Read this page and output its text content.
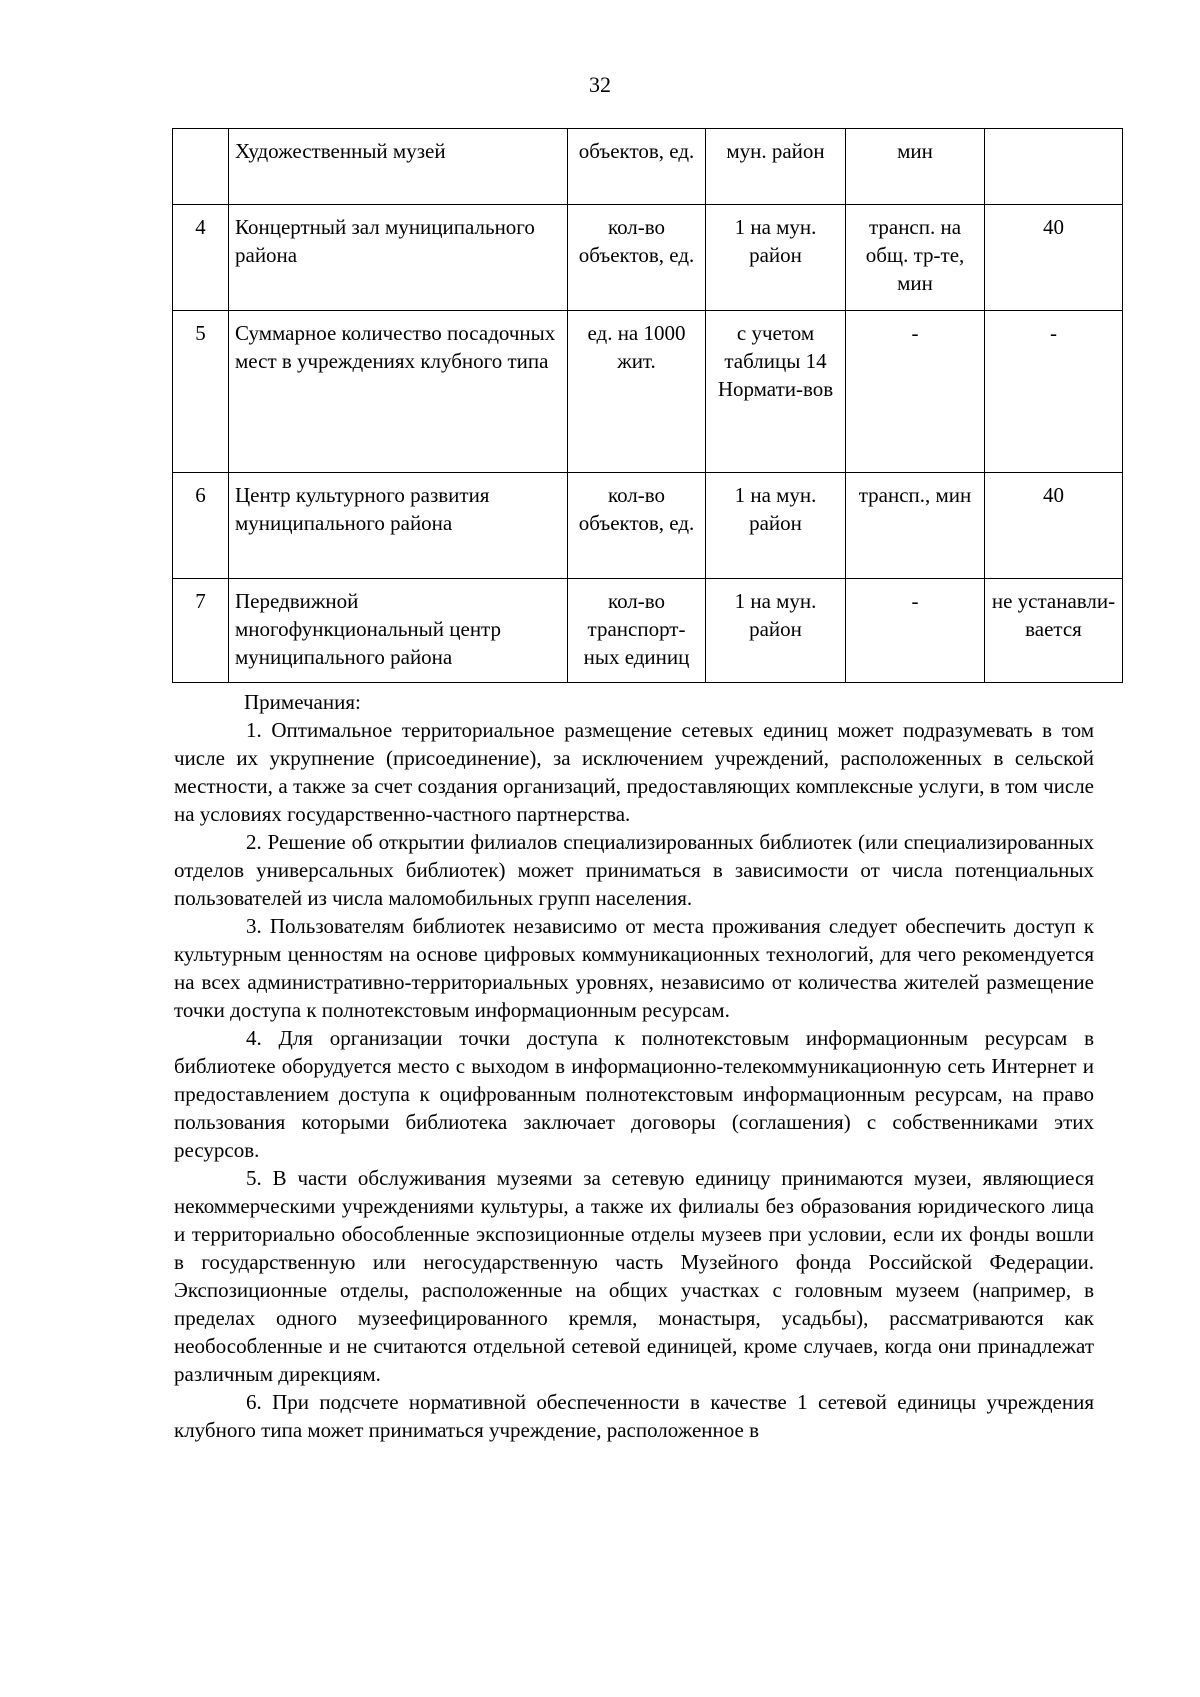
32
	Художественный музей	объектов, ед.	мун. район	мин	
4	Концертный зал муниципального района	кол-во объектов, ед.	1 на мун. район	трансп. на общ. тр-те, мин	40
5	Суммарное количество посадочных мест в учреждениях клубного типа	ед. на 1000 жит.	с учетом таблицы 14 Нормати-вов	-	-
6	Центр культурного развития муниципального района	кол-во объектов, ед.	1 на мун. район	трансп., мин	40
7	Передвижной многофункциональный центр муниципального района	кол-во транспорт-ных единиц	1 на мун. район	-	не устанавли-вается

Примечания:

1. Оптимальное территориальное размещение сетевых единиц может подразумевать в том числе их укрупнение (присоединение), за исключением учреждений, расположенных в сельской местности, а также за счет создания организаций, предоставляющих комплексные услуги, в том числе на условиях государственно-частного партнерства.

2. Решение об открытии филиалов специализированных библиотек (или специализированных отделов универсальных библиотек) может приниматься в зависимости от числа потенциальных пользователей из числа маломобильных групп населения.

3. Пользователям библиотек независимо от места проживания следует обеспечить доступ к культурным ценностям на основе цифровых коммуникационных технологий, для чего рекомендуется на всех административно-территориальных уровнях, независимо от количества жителей размещение точки доступа к полнотекстовым информационным ресурсам.

4. Для организации точки доступа к полнотекстовым информационным ресурсам в библиотеке оборудуется место с выходом в информационно-телекоммуникационную сеть Интернет и предоставлением доступа к оцифрованным полнотекстовым информационным ресурсам, на право пользования которыми библиотека заключает договоры (соглашения) с собственниками этих ресурсов.

5. В части обслуживания музеями за сетевую единицу принимаются музеи, являющиеся некоммерческими учреждениями культуры, а также их филиалы без образования юридического лица и территориально обособленные экспозиционные отделы музеев при условии, если их фонды вошли в государственную или негосударственную часть Музейного фонда Российской Федерации. Экспозиционные отделы, расположенные на общих участках с головным музеем (например, в пределах одного музеефицированного кремля, монастыря, усадьбы), рассматриваются как необособленные и не считаются отдельной сетевой единицей, кроме случаев, когда они принадлежат различным дирекциям.

6. При подсчете нормативной обеспеченности в качестве 1 сетевой единицы учреждения клубного типа может приниматься учреждение, расположенное в
